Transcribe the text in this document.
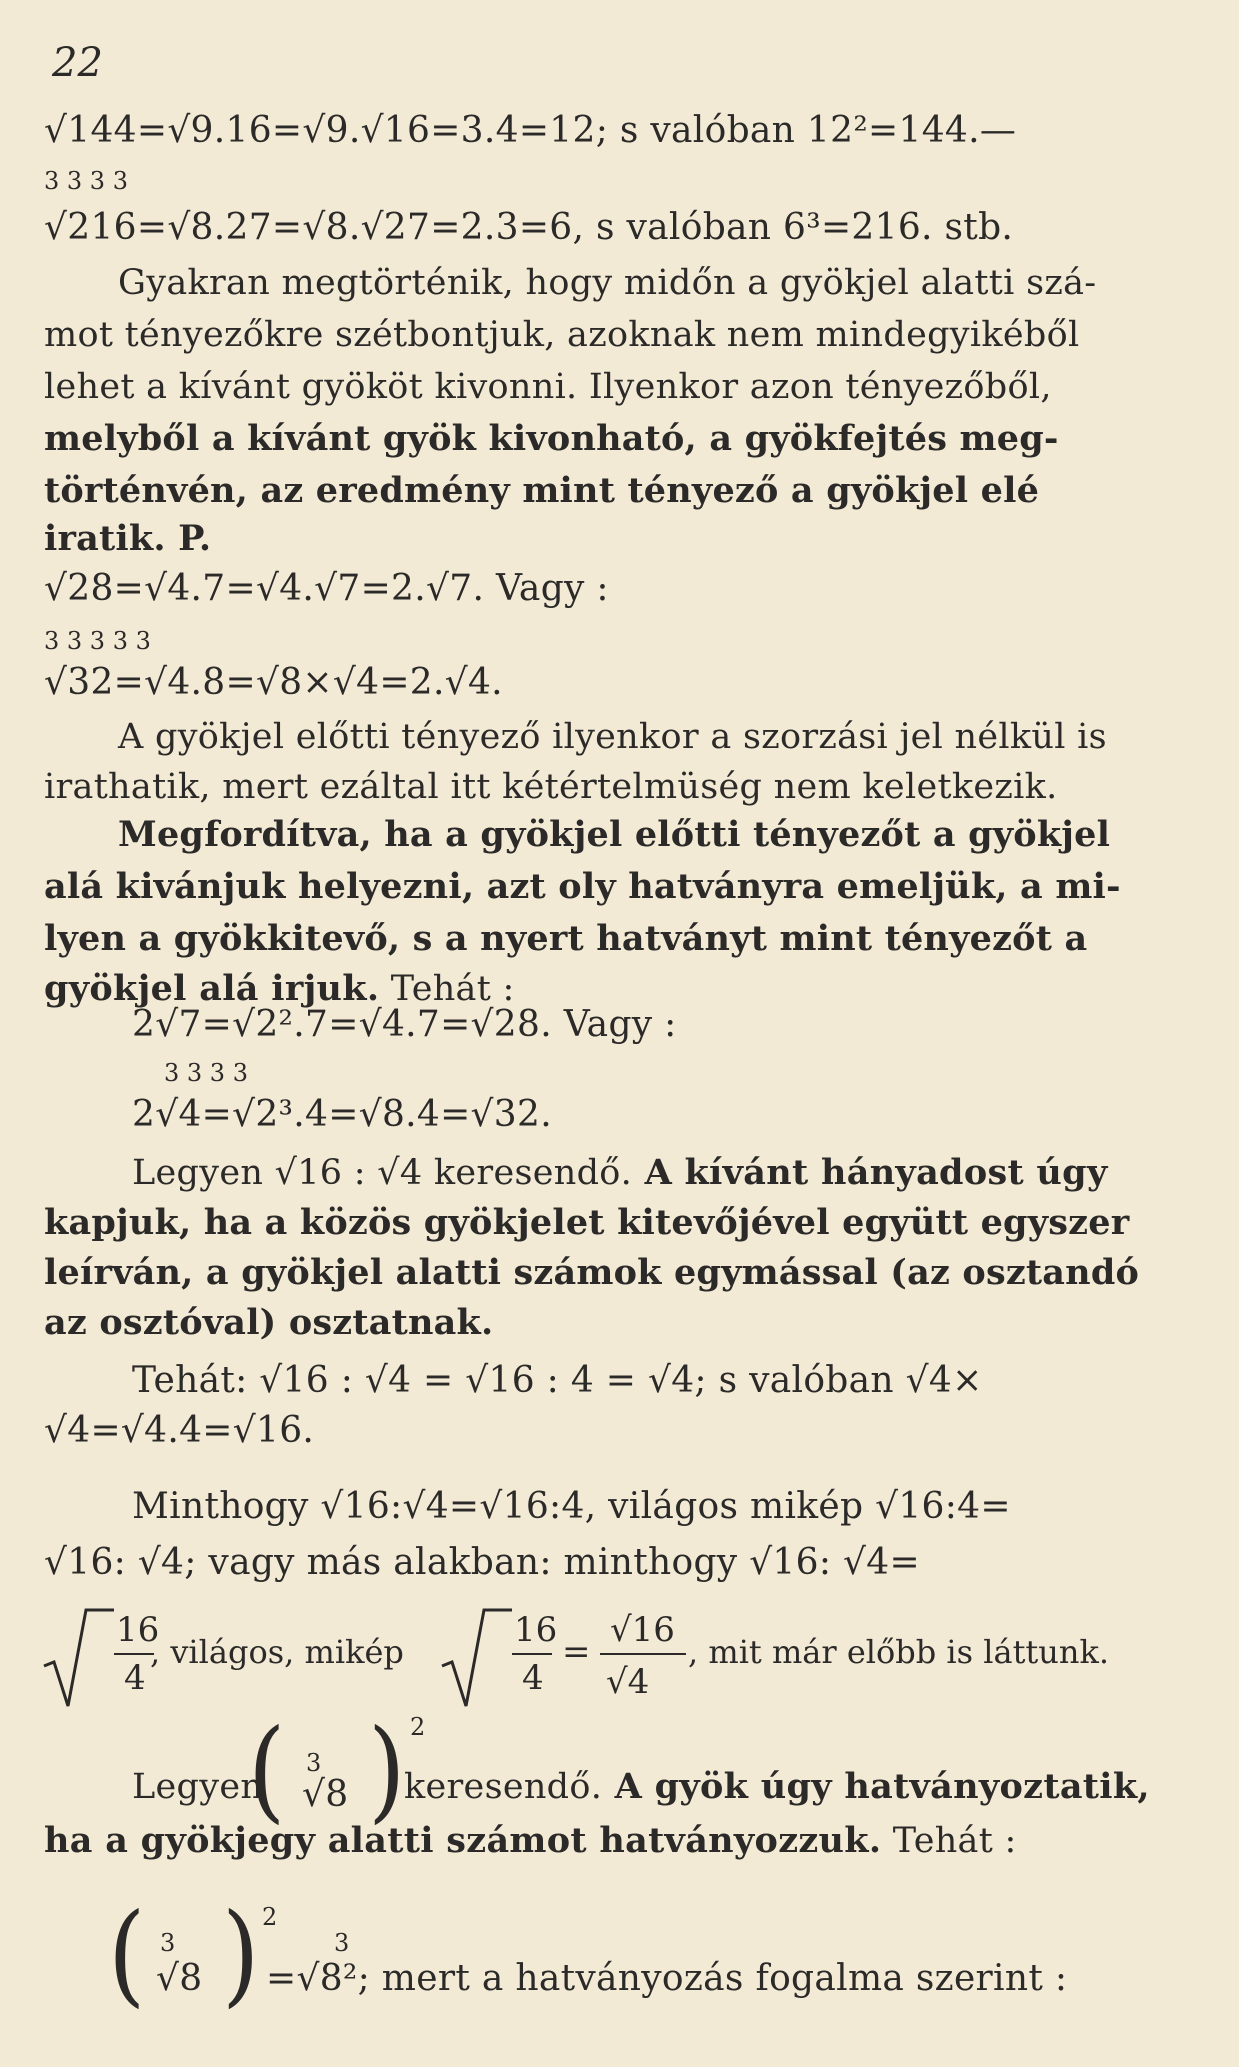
22
√144=√9.16=√9.√16=3.4=12; s valóban 12²=144.—
3 3 3 3
√216=√8.27=√8.√27=2.3=6, s valóban 6³=216. stb.
Gyakran megtörténik, hogy midőn a gyökjel alatti szá-
mot tényezőkre szétbontjuk, azoknak nem mindegyikéből
lehet a kívánt gyököt kivonni. Ilyenkor azon tényezőből,
melyből a kívánt gyök kivonható, a gyökfejtés meg-
történvén, az eredmény mint tényező a gyökjel elé
iratik. P.
√28=√4.7=√4.√7=2.√7. Vagy :
3 3 3 3 3
√32=√4.8=√8×√4=2.√4.
A gyökjel előtti tényező ilyenkor a szorzási jel nélkül is
irathatik, mert ezáltal itt kétértelmüség nem keletkezik.
Megfordítva, ha a gyökjel előtti tényezőt a gyökjel
alá kivánjuk helyezni, azt oly hatványra emeljük, a mi-
lyen a gyökkitevő, s a nyert hatványt mint tényezőt a
gyökjel alá irjuk. Tehát :
2√7=√2².7=√4.7=√28. Vagy :
3 3 3 3
2√4=√2³.4=√8.4=√32.
Legyen √16 : √4 keresendő. A kívánt hányadost úgy
kapjuk, ha a közös gyökjelet kitevőjével együtt egyszer
leírván, a gyökjel alatti számok egymással (az osztandó
az osztóval) osztatnak.
Tehát: √16 : √4 = √16 : 4 = √4; s valóban √4×
√4=√4.4=√16.
Minthogy √16:√4=√16:4, világos mikép √16:4=
√16: √4; vagy más alakban: minthogy √16: √4=
16
4
, világos, mikép
16
4
=
√16
√4
, mit már előbb is láttunk.
Legyen
( 3
√8 ) 2
keresendő. A gyök úgy hatványoztatik,
ha a gyökjegy alatti számot hatványozzuk. Tehát :
( 3
√8 ) 2
3
=√8²; mert a hatványozás fogalma szerint :
